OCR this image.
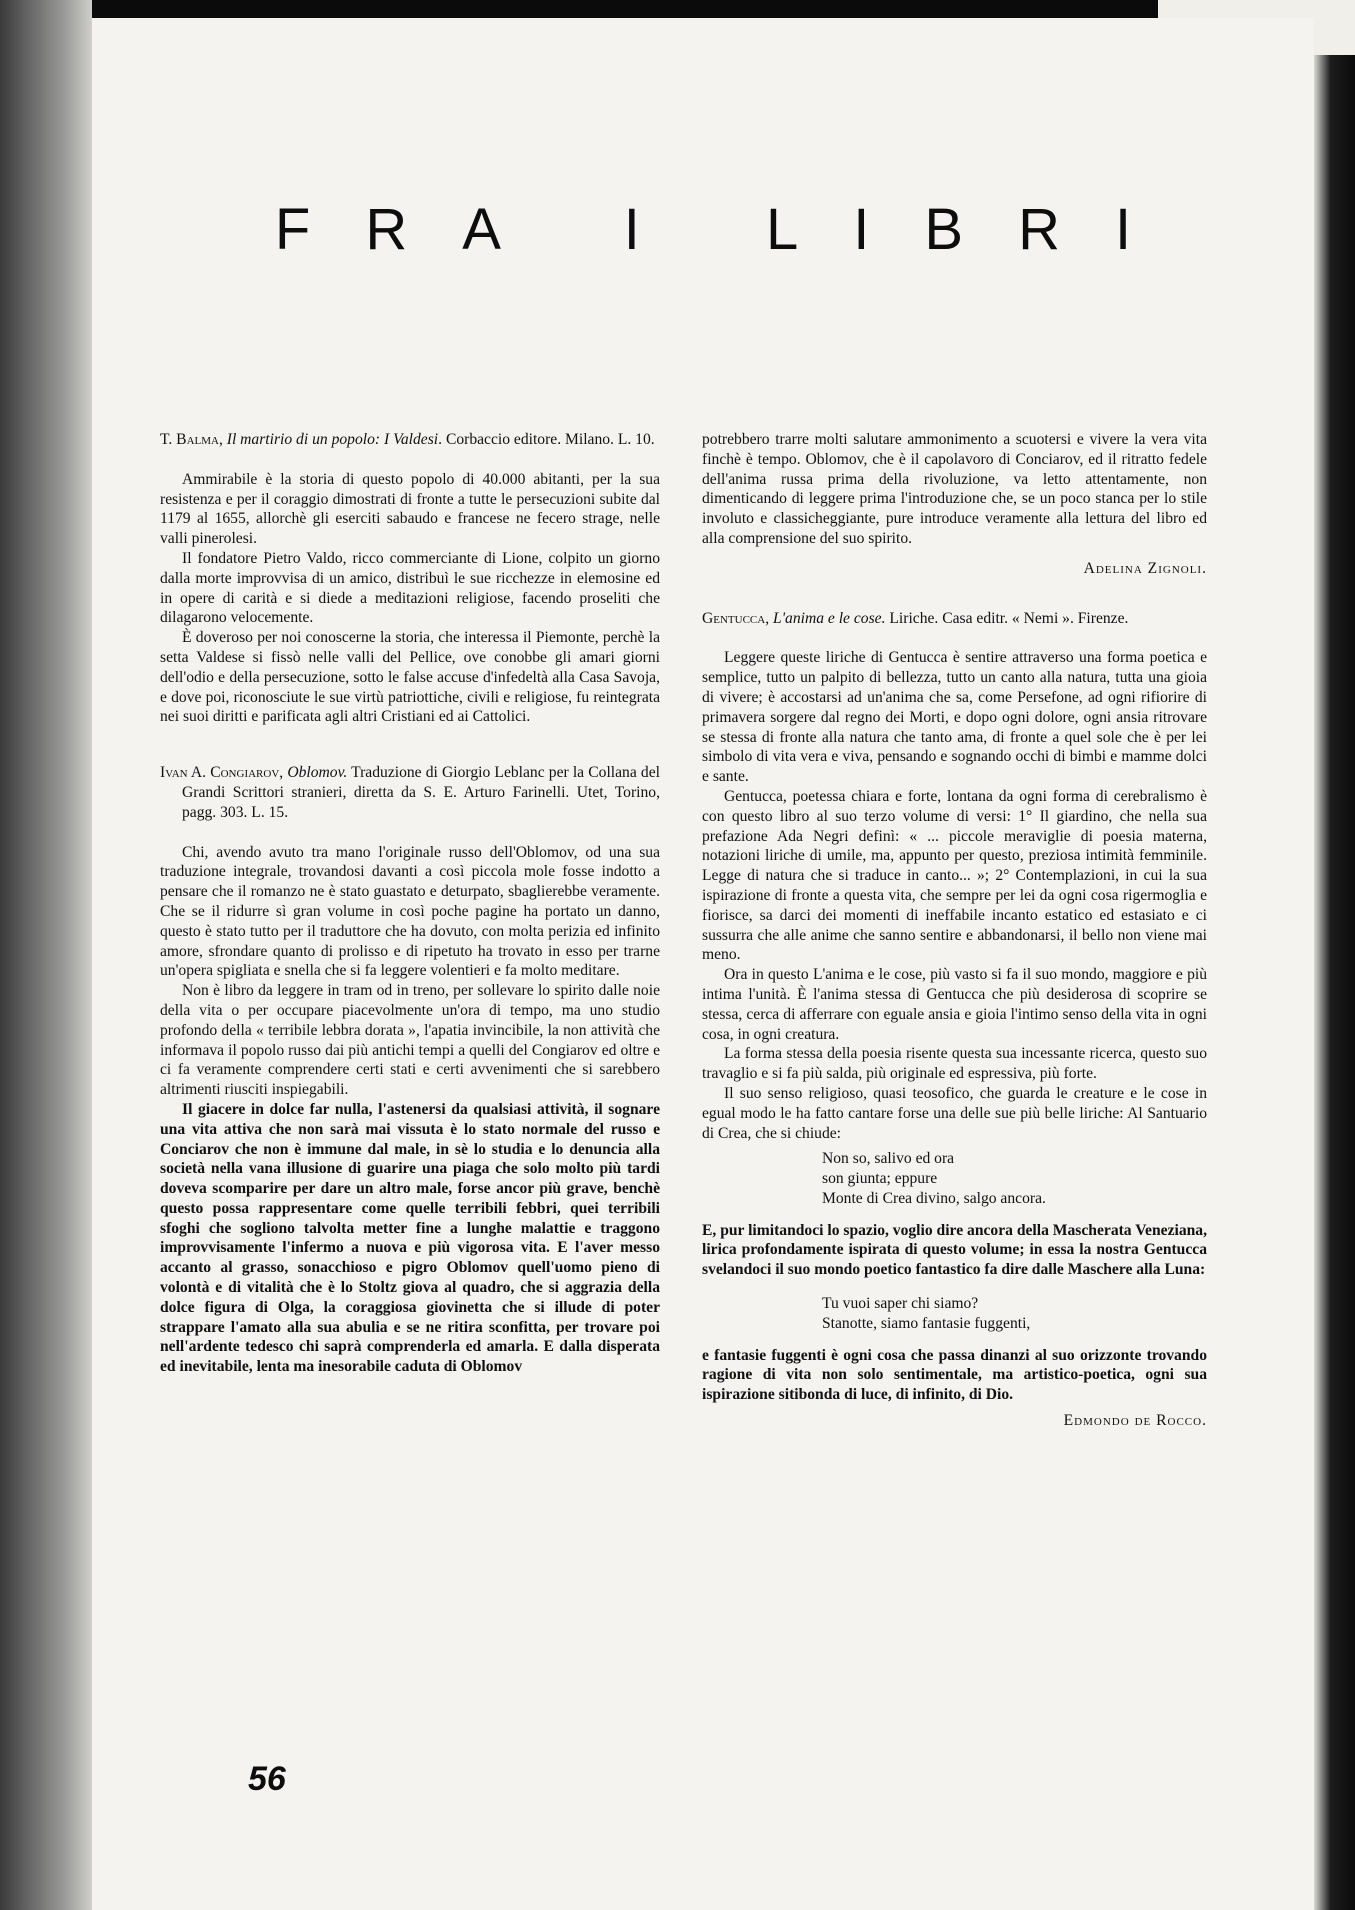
FRA I LIBRI
T. Balma, Il martirio di un popolo: I Valdesi. Corbaccio editore. Milano. L. 10.

Ammirabile è la storia di questo popolo di 40.000 abitanti, per la sua resistenza e per il coraggio dimostrati di fronte a tutte le persecuzioni subite dal 1179 al 1655, allorchè gli eserciti sabaudo e francese ne fecero strage, nelle valli pinerolesi.

Il fondatore Pietro Valdo, ricco commerciante di Lione, colpito un giorno dalla morte improvvisa di un amico, distribuì le sue ricchezze in elemosine ed in opere di carità e si diede a meditazioni religiose, facendo proseliti che dilagarono velocemente.

È doveroso per noi conoscerne la storia, che interessa il Piemonte, perchè la setta Valdese si fissò nelle valli del Pellice, ove conobbe gli amari giorni dell'odio e della persecuzione, sotto le false accuse d'infedeltà alla Casa Savoja, e dove poi, riconosciute le sue virtù patriottiche, civili e religiose, fu reintegrata nei suoi diritti e parificata agli altri Cristiani ed ai Cattolici.

Ivan A. Congiarov, Oblomov. Traduzione di Giorgio Leblanc per la Collana del Grandi Scrittori stranieri, diretta da S. E. Arturo Farinelli. Utet, Torino, pagg. 303. L. 15.

Chi, avendo avuto tra mano l'originale russo dell'Oblomov, od una sua traduzione integrale, trovandosi davanti a così piccola mole fosse indotto a pensare che il romanzo ne è stato guastato e deturpato, sbaglierebbe veramente. Che se il ridurre sì gran volume in così poche pagine ha portato un danno, questo è stato tutto per il traduttore che ha dovuto, con molta perizia ed infinito amore, sfrondare quanto di prolisso e di ripetuto ha trovato in esso per trarne un'opera spigliata e snella che si fa leggere volentieri e fa molto meditare.

Non è libro da leggere in tram od in treno, per sollevare lo spirito dalle noie della vita o per occupare piacevolmente un'ora di tempo, ma uno studio profondo della « terribile lebbra dorata », l'apatia invincibile, la non attività che informava il popolo russo dai più antichi tempi a quelli del Congiarov ed oltre e ci fa veramente comprendere certi stati e certi avvenimenti che si sarebbero altrimenti riusciti inspiegabili.

Il giacere in dolce far nulla, l'astenersi da qualsiasi attività, il sognare una vita attiva che non sarà mai vissuta è lo stato normale del russo e Conciarov che non è immune dal male, in sè lo studia e lo denuncia alla società nella vana illusione di guarire una piaga che solo molto più tardi doveva scomparire per dare un altro male, forse ancor più grave, benchè questo possa rappresentare come quelle terribili febbri, quei terribili sfoghi che sogliono talvolta metter fine a lunghe malattie e traggono improvvisamente l'infermo a nuova e più vigorosa vita. E l'aver messo accanto al grasso, sonacchioso e pigro Oblomov quell'uomo pieno di volontà e di vitalità che è lo Stoltz giova al quadro, che si aggrazia della dolce figura di Olga, la coraggiosa giovinetta che si illude di poter strappare l'amato alla sua abulia e se ne ritira sconfitta, per trovare poi nell'ardente tedesco chi saprà comprenderla ed amarla. E dalla disperata ed inevitabile, lenta ma inesorabile caduta di Oblomov

potrebbero trarre molti salutare ammonimento a scuotersi e vivere la vera vita finchè è tempo. Oblomov, che è il capolavoro di Conciarov, ed il ritratto fedele dell'anima russa prima della rivoluzione, va letto attentamente, non dimenticando di leggere prima l'introduzione che, se un poco stanca per lo stile involuto e classicheggiante, pure introduce veramente alla lettura del libro ed alla comprensione del suo spirito.

Adelina Zignoli.
Gentucca, L'anima e le cose. Liriche. Casa editr. « Nemi ». Firenze.

Leggere queste liriche di Gentucca è sentire attraverso una forma poetica e semplice, tutto un palpito di bellezza, tutto un canto alla natura, tutta una gioia di vivere; è accostarsi ad un'anima che sa, come Persefone, ad ogni rifiorire di primavera sorgere dal regno dei Morti, e dopo ogni dolore, ogni ansia ritrovare se stessa di fronte alla natura che tanto ama, di fronte a quel sole che è per lei simbolo di vita vera e viva, pensando e sognando occhi di bimbi e mamme dolci e sante.

Gentucca, poetessa chiara e forte, lontana da ogni forma di cerebralismo è con questo libro al suo terzo volume di versi: 1° Il giardino, che nella sua prefazione Ada Negri definì: « ... piccole meraviglie di poesia materna, notazioni liriche di umile, ma, appunto per questo, preziosa intimità femminile. Legge di natura che si traduce in canto... »; 2° Contemplazioni, in cui la sua ispirazione di fronte a questa vita, che sempre per lei da ogni cosa rigermoglia e fiorisce, sa darci dei momenti di ineffabile incanto estatico ed estasiato e ci sussurra che alle anime che sanno sentire e abbandonarsi, il bello non viene mai meno.

Ora in questo L'anima e le cose, più vasto si fa il suo mondo, maggiore e più intima l'unità. È l'anima stessa di Gentucca che più desiderosa di scoprire se stessa, cerca di afferrare con eguale ansia e gioia l'intimo senso della vita in ogni cosa, in ogni creatura.

La forma stessa della poesia risente questa sua incessante ricerca, questo suo travaglio e si fa più salda, più originale ed espressiva, più forte.

Il suo senso religioso, quasi teosofico, che guarda le creature e le cose in egual modo le ha fatto cantare forse una delle sue più belle liriche: Al Santuario di Crea, che si chiude:

Non so, salivo ed ora
son giunta; eppure
Monte di Crea divino, salgo ancora.

E, pur limitandoci lo spazio, voglio dire ancora della Mascherata Veneziana, lirica profondamente ispirata di questo volume; in essa la nostra Gentucca svelandoci il suo mondo poetico fantastico fa dire dalle Maschere alla Luna:

Tu vuoi saper chi siamo?
Stanotte, siamo fantasie fuggenti,

e fantasie fuggenti è ogni cosa che passa dinanzi al suo orizzonte trovando ragione di vita non solo sentimentale, ma artistico-poetica, ogni sua ispirazione sitibonda di luce, di infinito, di Dio.

Edmondo de Rocco.
56
